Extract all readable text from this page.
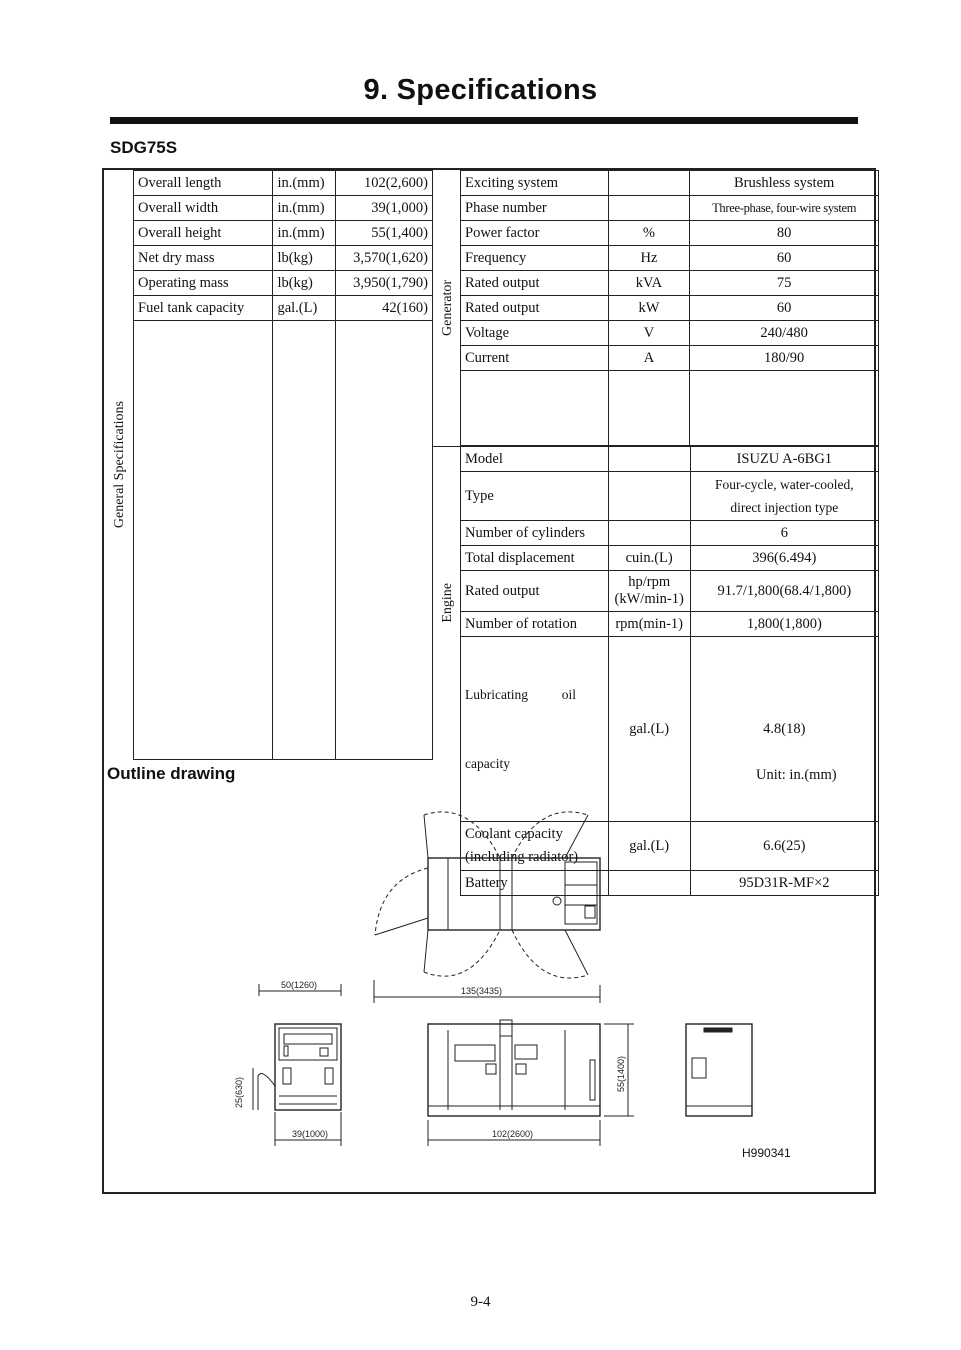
9. Specifications
SDG75S
General Specifications
Overall length	in.(mm)	102(2,600)
Overall width	in.(mm)	39(1,000)
Overall height	in.(mm)	55(1,400)
Net dry mass	lb(kg)	3,570(1,620)
Operating mass	lb(kg)	3,950(1,790)
Fuel tank capacity	gal.(L)	42(160)
		Generator
Engine
Exciting system		Brushless system
Phase number		Three-phase, four-wire system
Power factor	%	80
Frequency	Hz	60
Rated output	kVA	75
Rated output	kW	60
Voltage	V	240/480
Current	A	180/90

Model		ISUZU A-6BG1
Type		Four-cycle, water-cooled,
direct injection type

Number of cylinders		6
Total displacement	cuin.(L)	396(6.494)
Rated output	hp/rpm
(kW/min-1)	91.7/1,800(68.4/1,800)
Number of rotation	rpm(min-1)	1,800(1,800)

Lubricating          oil

capacity	gal.(L)	4.8(18)

Coolant capacity
(including radiator)	gal.(L)	6.6(25)
Battery		95D31R-MF×2
Outline drawing	Unit: in.(mm)
50(1260)
135(3435)
25(630)
39(1000)	102(2600)
55(1400)
H990341
9-4
